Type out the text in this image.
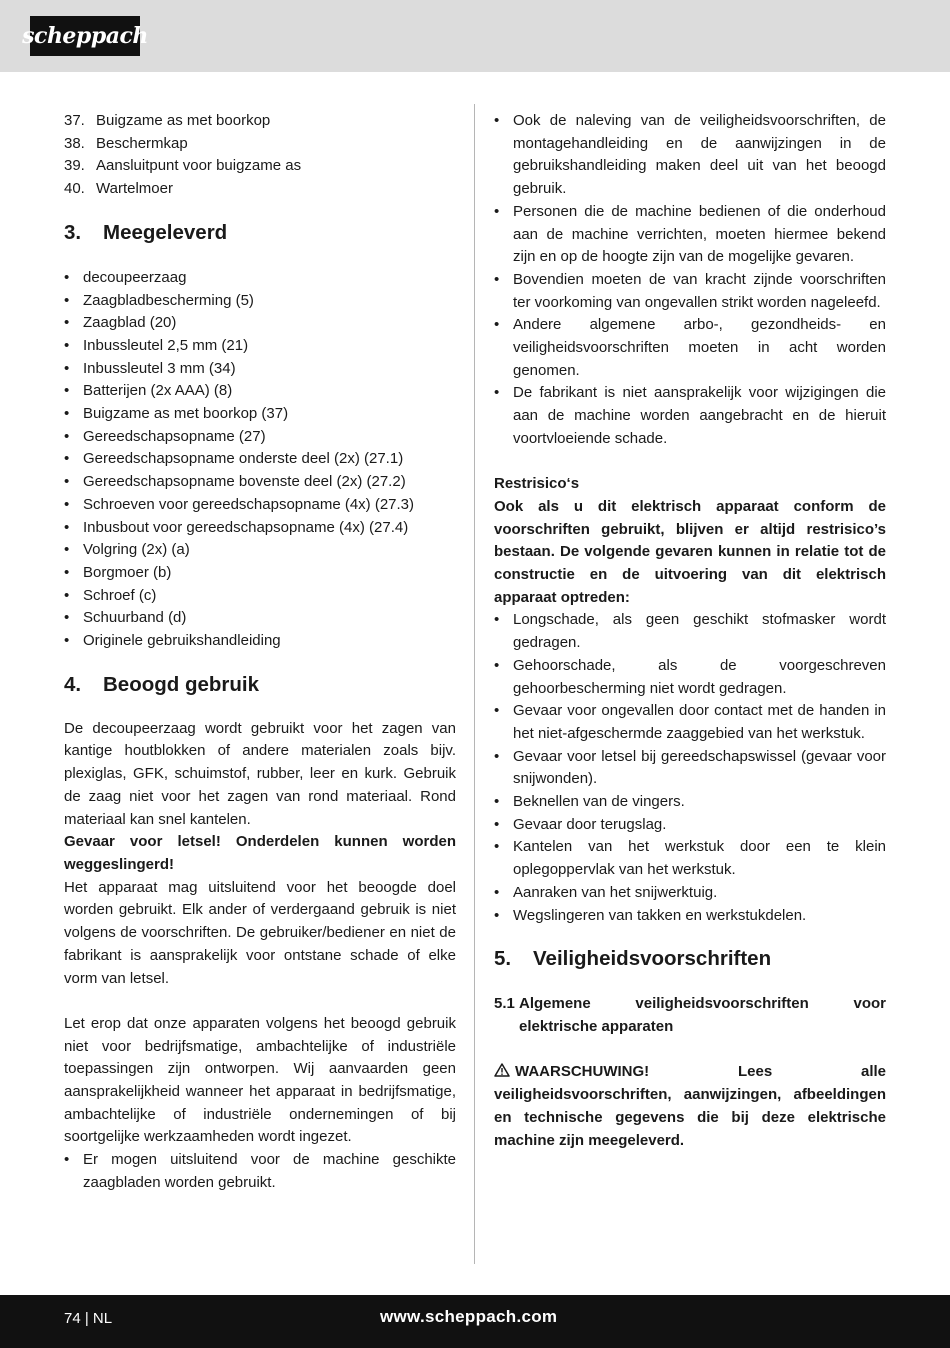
scheppach
37. Buigzame as met boorkop
38. Beschermkap
39. Aansluitpunt voor buigzame as
40. Wartelmoer
3.	Meegeleverd
• decoupeerzaag
• Zaagbladbescherming (5)
• Zaagblad (20)
• Inbussleutel 2,5 mm (21)
• Inbussleutel 3 mm (34)
• Batterijen (2x AAA) (8)
• Buigzame as met boorkop (37)
• Gereedschapsopname (27)
• Gereedschapsopname onderste deel (2x) (27.1)
• Gereedschapsopname bovenste deel (2x) (27.2)
• Schroeven voor gereedschapsopname (4x) (27.3)
• Inbusbout voor gereedschapsopname (4x) (27.4)
• Volgring (2x) (a)
• Borgmoer (b)
• Schroef (c)
• Schuurband (d)
• Originele gebruikshandleiding
4.	Beoogd gebruik

De decoupeerzaag wordt gebruikt voor het zagen van kantige houtblokken of andere materialen zoals bijv. plexiglas, GFK, schuimstof, rubber, leer en kurk. Gebruik de zaag niet voor het zagen van rond materiaal. Rond materiaal kan snel kantelen.

Gevaar voor letsel! Onderdelen kunnen worden weggeslingerd!

Het apparaat mag uitsluitend voor het beoogde doel worden gebruikt. Elk ander of verdergaand gebruik is niet volgens de voorschriften. De gebruiker/bediener en niet de fabrikant is aansprakelijk voor ontstane schade of elke vorm van letsel.

Let erop dat onze apparaten volgens het beoogd gebruik niet voor bedrijfsmatige, ambachtelijke of industriële toepassingen zijn ontworpen. Wij aanvaarden geen aansprakelijkheid wanneer het apparaat in bedrijfsmatige, ambachtelijke of industriële ondernemingen of bij soortgelijke werkzaamheden wordt ingezet.

• Er mogen uitsluitend voor de machine geschikte zaagbladen worden gebruikt.
• Ook de naleving van de veiligheidsvoorschriften, de montagehandleiding en de aanwijzingen in de gebruikshandleiding maken deel uit van het beoogd gebruik.
• Personen die de machine bedienen of die onderhoud aan de machine verrichten, moeten hiermee bekend zijn en op de hoogte zijn van de mogelijke gevaren.
• Bovendien moeten de van kracht zijnde voorschriften ter voorkoming van ongevallen strikt worden nageleefd.
• Andere algemene arbo-, gezondheids- en veiligheidsvoorschriften moeten in acht worden genomen.
• De fabrikant is niet aansprakelijk voor wijzigingen die aan de machine worden aangebracht en de hieruit voortvloeiende schade.

Restrisico‘s

Ook als u dit elektrisch apparaat conform de voorschriften gebruikt, blijven er altijd restrisico’s bestaan. De volgende gevaren kunnen in relatie tot de constructie en de uitvoering van dit elektrisch apparaat optreden:

• Longschade, als geen geschikt stofmasker wordt gedragen.
• Gehoorschade, als de voorgeschreven gehoorbescherming niet wordt gedragen.
• Gevaar voor ongevallen door contact met de handen in het niet-afgeschermde zaaggebied van het werkstuk.
• Gevaar voor letsel bij gereedschapswissel (gevaar voor snijwonden).
• Beknellen van de vingers.
• Gevaar door terugslag.
• Kantelen van het werkstuk door een te klein oplegoppervlak van het werkstuk.
• Aanraken van het snijwerktuig.
• Wegslingeren van takken en werkstukdelen.
5.	Veiligheidsvoorschriften
5.1 Algemene veiligheidsvoorschriften voor elektrische apparaten

WAARSCHUWING! Lees alle veiligheidsvoorschriften, aanwijzingen, afbeeldingen en technische gegevens die bij deze elektrische machine zijn meegeleverd.

74 | NL	www.scheppach.com
